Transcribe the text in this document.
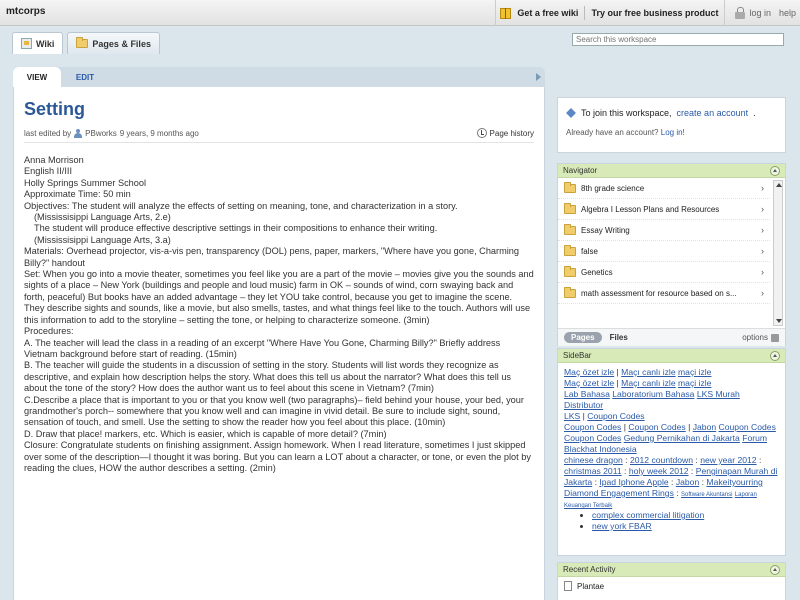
mtcorps	Get a free wiki	Try our free business product	log in help
Wiki	Pages & Files
Search this workspace
VIEW	EDIT
Setting
last edited by PBworks 9 years, 9 months ago	Page history

Anna Morrison

English II/III

Holly Springs Summer School

Approximate Time: 50 min

Objectives: The student will analyze the effects of setting on meaning, tone, and characterization in a story.

(Mississisippi Language Arts, 2.e)

The student will produce effective descriptive settings in their compositions to enhance their writing.

(Mississisippi Language Arts, 3.a)

Materials: Overhead projector, vis-a-vis pen, transparency (DOL) pens, paper, markers, "Where have you gone, Charming Billy?" handout

Set: When you go into a movie theater, sometimes you feel like you are a part of the movie – movies give you the sounds and sights of a place – New York (buildings and people and loud music) farm in OK – sounds of wind, corn swaying back and forth, peaceful) But books have an added advantage – they let YOU take control, because you get to imagine the scene. They describe sights and sounds, like a movie, but also smells, tastes, and what things feel like to the touch. Authors will use this information to add to the storyline – setting the tone, or helping to characterize someone. (3min)

Procedures:

A. The teacher will lead the class in a reading of an excerpt "Where Have You Gone, Charming Billy?" Briefly address Vietnam background before start of reading. (15min)

B. The teacher will guide the students in a discussion of setting in the story. Students will list words they recognize as descriptive, and explain how description helps the story. What does this tell us about the narrator? What does this tell us about the tone of the story? How does the author want us to feel about this scene in Vietnam? (7min)

C.Describe a place that is important to you or that you know well (two paragraphs)– field behind your house, your bed, your grandmother's porch-- somewhere that you know well and can imagine in vivid detail. Be sure to include sight, sound, sensation of touch, and smell. Use the setting to show the reader how you feel about this place. (10min)

D. Draw that place! markers, etc. Which is easier, which is capable of more detail? (7min)

Closure: Congratulate students on finishing assignment. Assign homework. When I read literature, sometimes I just skipped over some of the description—I thought it was boring. But you can learn a LOT about a character, or tone, or even the plot by reading the clues, HOW the author describes a setting. (2min)

To join this workspace, create an account .
Already have an account? Log in!
Navigator
8th grade science	›
Algebra I Lesson Plans and Resources	›
Essay Writing	›
false	›
Genetics	›
math assessment for resource based on s...	›
Pages	Files	options
SideBar
Maç özet izle | Maçı canlı izle maçi izle
Maç özet izle | Maçı canlı izle maçi izle
Lab Bahasa Laboratorium Bahasa LKS Murah Distributor
LKS | Coupon Codes
Coupon Codes | Coupon Codes | Jabon Coupon Codes
Coupon Codes Gedung Pernikahan di Jakarta Forum
Blackhat Indonesia
chinese dragon : 2012 countdown : new year 2012 :
christmas 2011 : holy week 2012 : Penginapan Murah di
Jakarta : Ipad Iphone Apple : Jabon : Makeityourring
Diamond Engagement Rings : Software Akuntansi Laporan
Keuangan Terbaik
• complex commercial litigation
• new york FBAR
Recent Activity
Plantae
